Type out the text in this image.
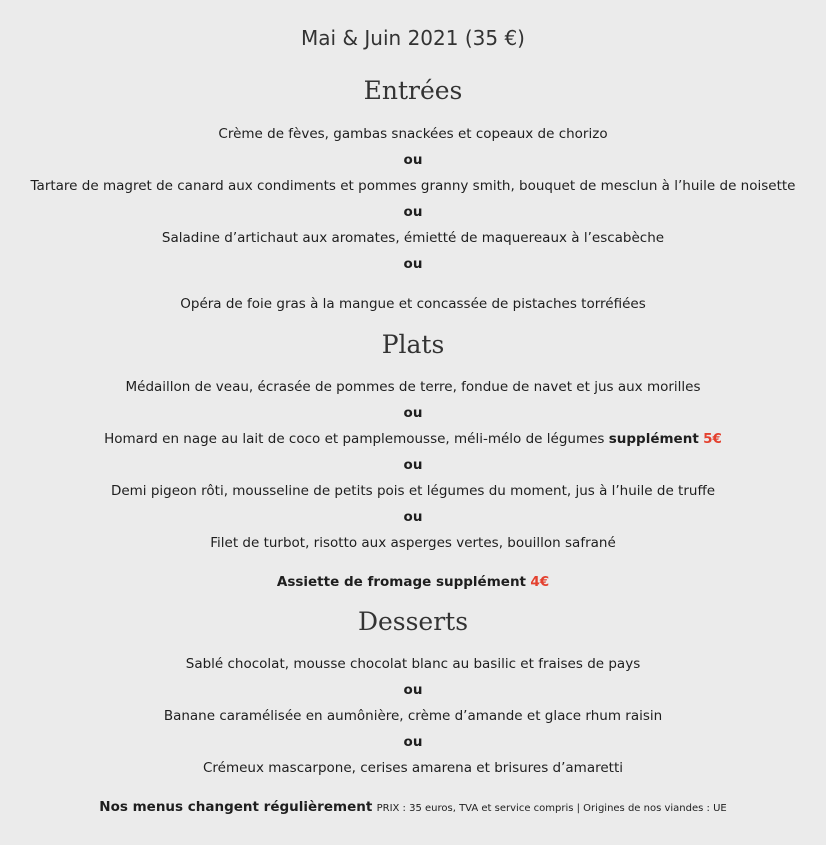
Mai & Juin 2021 (35 €)
Entrées
Crème de fèves, gambas snackées et copeaux de chorizo
ou
Tartare de magret de canard aux condiments et pommes granny smith, bouquet de mesclun à l’huile de noisette
ou
Saladine d’artichaut aux aromates, émietté de maquereaux à l’escabèche
ou
Opéra de foie gras à la mangue et concassée de pistaches torréfiées
Plats
Médaillon de veau, écrasée de pommes de terre, fondue de navet et jus aux morilles
ou
Homard en nage au lait de coco et pamplemousse, méli-mélo de légumes supplément 5€
ou
Demi pigeon rôti, mousseline de petits pois et légumes du moment, jus à l’huile de truffe
ou
Filet de turbot, risotto aux asperges vertes, bouillon safrané
Assiette de fromage supplément 4€
Desserts
Sablé chocolat, mousse chocolat blanc au basilic et fraises de pays
ou
Banane caramélisée en aumônière, crème d’amande et glace rhum raisin
ou
Crémeux mascarpone, cerises amarena et brisures d’amaretti
Nos menus changent régulièrement PRIX : 35 euros, TVA et service compris | Origines de nos viandes : UE
